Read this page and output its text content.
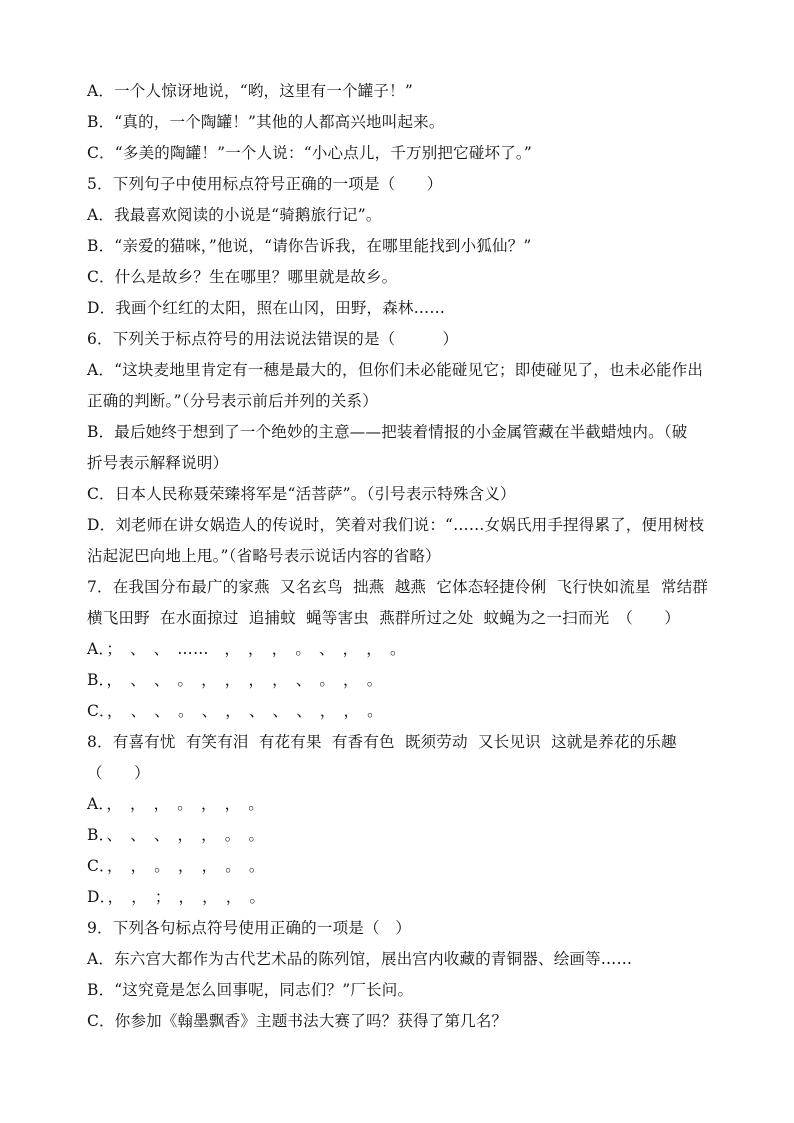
A．一个人惊讶地说，“哟，这里有一个罐子！”
B．“真的，一个陶罐！”其他的人都高兴地叫起来。
C．“多美的陶罐！”一个人说：“小心点儿，千万别把它碰坏了。”
5．下列句子中使用标点符号正确的一项是（　　）
A．我最喜欢阅读的小说是“骑鹅旅行记”。
B．“亲爱的猫咪，”他说，“请你告诉我，在哪里能找到小狐仙？”
C．什么是故乡？生在哪里？哪里就是故乡。
D．我画个红红的太阳，照在山冈，田野，森林……
6．下列关于标点符号的用法说法错误的是（　　　）
A．“这块麦地里肯定有一穗是最大的，但你们未必能碰见它；即使碰见了，也未必能作出
正确的判断。”（分号表示前后并列的关系）
B．最后她终于想到了一个绝妙的主意——把装着情报的小金属管藏在半截蜡烛内。（破
折号表示解释说明）
C．日本人民称聂荣臻将军是“活菩萨”。（引号表示特殊含义）
D．刘老师在讲女娲造人的传说时，笑着对我们说：“……女娲氏用手捏得累了，便用树枝
沾起泥巴向地上甩。”（省略号表示说话内容的省略）
7．在我国分布最广的家燕  又名玄鸟  拙燕  越燕  它体态轻捷伶俐  飞行快如流星  常结群
横飞田野  在水面掠过  追捕蚊  蝇等害虫  燕群所过之处  蚊蝇为之一扫而光　（　　）
A．；　、　、　……　，　，　，　。　、　，　，　。
B．，　、　、　。　，　，　，　，　、　。　，　。
C．，　、　、　。　、　，　、　、　、　，　，　。
8．有喜有忧  有笑有泪  有花有果  有香有色  既须劳动  又长见识  这就是养花的乐趣
（　　）
A．，　，　，　。　，　，　。
B．、　、　、　，　，　。　。
C．，　，　。　，　，　。　。
D．，　，　；　，　，　，　。
9．下列各句标点符号使用正确的一项是（　）
A．东六宫大都作为古代艺术品的陈列馆，展出宫内收藏的青铜器、绘画等……
B．“这究竟是怎么回事呢，同志们？”厂长问。
C．你参加《翰墨飘香》主题书法大赛了吗？获得了第几名？
